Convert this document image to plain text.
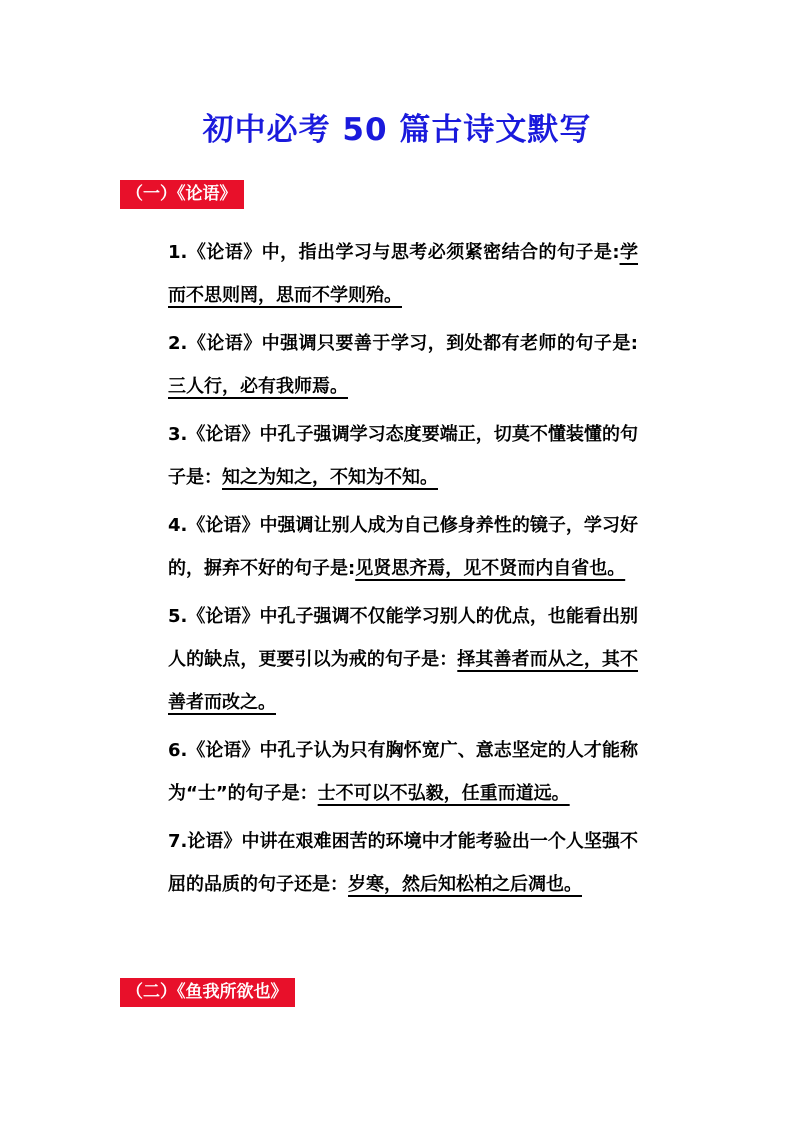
初中必考 50 篇古诗文默写
（一）《论语》
1.《论语》中，指出学习与思考必须紧密结合的句子是:学而不思则罔，思而不学则殆。
2.《论语》中强调只要善于学习，到处都有老师的句子是:三人行，必有我师焉。
3.《论语》中孔子强调学习态度要端正，切莫不懂装懂的句子是：知之为知之，不知为不知。
4.《论语》中强调让别人成为自己修身养性的镜子，学习好的，摒弃不好的句子是:见贤思齐焉，见不贤而内自省也。
5.《论语》中孔子强调不仅能学习别人的优点，也能看出别人的缺点，更要引以为戒的句子是：择其善者而从之，其不善者而改之。
6.《论语》中孔子认为只有胸怀宽广、意志坚定的人才能称为“士”的句子是：士不可以不弘毅，任重而道远。
7.论语》中讲在艰难困苦的环境中才能考验出一个人坚强不屈的品质的句子还是：岁寒，然后知松柏之后凋也。
（二）《鱼我所欲也》
